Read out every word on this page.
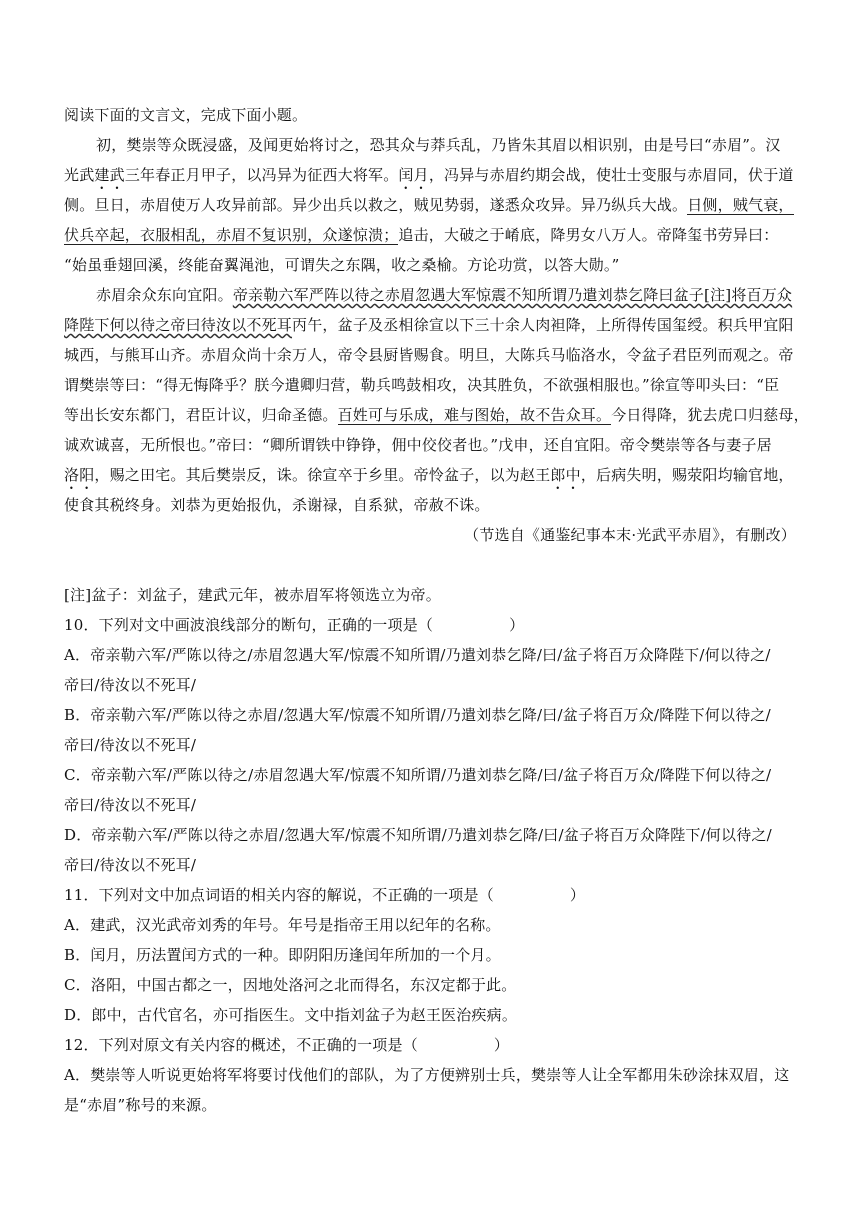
阅读下面的文言文，完成下面小题。
初，樊崇等众既浸盛，及闻更始将讨之，恐其众与莽兵乱，乃皆朱其眉以相识别，由是号曰“赤眉”。汉
光武建武三年春正月甲子，以冯异为征西大将军。闰月，冯异与赤眉约期会战，使壮士变服与赤眉同，伏于道
侧。旦日，赤眉使万人攻异前部。异少出兵以救之，贼见势弱，遂悉众攻异。异乃纵兵大战。日侧，贼气衰，
伏兵卒起，衣服相乱，赤眉不复识别，众遂惊溃；追击，大破之于崤底，降男女八万人。帝降玺书劳异曰：
“始虽垂翅回溪，终能奋翼渑池，可谓失之东隅，收之桑榆。方论功赏，以答大勋。”
赤眉余众东向宜阳。帝亲勒六军严阵以待之赤眉忽遇大军惊震不知所谓乃遣刘恭乞降曰盆子[注]将百万众
降陛下何以待之帝曰待汝以不死耳丙午，盆子及丞相徐宣以下三十余人肉袒降，上所得传国玺绶。积兵甲宜阳
城西，与熊耳山齐。赤眉众尚十余万人，帝令县厨皆赐食。明旦，大陈兵马临洛水，令盆子君臣列而观之。帝
谓樊崇等曰：“得无悔降乎？朕今遣卿归营，勒兵鸣鼓相攻，决其胜负，不欲强相服也。”徐宣等叩头曰：“臣
等出长安东都门，君臣计议，归命圣德。百姓可与乐成，难与图始，故不告众耳。今日得降，犹去虎口归慈母，
诚欢诚喜，无所恨也。”帝曰：“卿所谓铁中铮铮，佣中佼佼者也。”戊申，还自宜阳。帝令樊崇等各与妻子居
洛阳，赐之田宅。其后樊崇反，诛。徐宣卒于乡里。帝怜盆子，以为赵王郎中，后病失明，赐荥阳均输官地，
使食其税终身。刘恭为更始报仇，杀谢禄，自系狱，帝赦不诛。
（节选自《通鉴纪事本末·光武平赤眉》，有删改）
[注]盆子：刘盆子，建武元年，被赤眉军将领选立为帝。
10．下列对文中画波浪线部分的断句，正确的一项是（　　　　　）
A．帝亲勒六军/严陈以待之/赤眉忽遇大军/惊震不知所谓/乃遣刘恭乞降/曰/盆子将百万众降陛下/何以待之/
帝曰/待汝以不死耳/
B．帝亲勒六军/严陈以待之赤眉/忽遇大军/惊震不知所谓/乃遣刘恭乞降/曰/盆子将百万众/降陛下何以待之/
帝曰/待汝以不死耳/
C．帝亲勒六军/严陈以待之/赤眉忽遇大军/惊震不知所谓/乃遣刘恭乞降/曰/盆子将百万众/降陛下何以待之/
帝曰/待汝以不死耳/
D．帝亲勒六军/严陈以待之赤眉/忽遇大军/惊震不知所谓/乃遣刘恭乞降/曰/盆子将百万众降陛下/何以待之/
帝曰/待汝以不死耳/
11．下列对文中加点词语的相关内容的解说，不正确的一项是（　　　　　）
A．建武，汉光武帝刘秀的年号。年号是指帝王用以纪年的名称。
B．闰月，历法置闰方式的一种。即阴阳历逢闰年所加的一个月。
C．洛阳，中国古都之一，因地处洛河之北而得名，东汉定都于此。
D．郎中，古代官名，亦可指医生。文中指刘盆子为赵王医治疾病。
12．下列对原文有关内容的概述，不正确的一项是（　　　　　）
A．樊崇等人听说更始将军将要讨伐他们的部队，为了方便辨别士兵，樊崇等人让全军都用朱砂涂抹双眉，这
是“赤眉”称号的来源。
